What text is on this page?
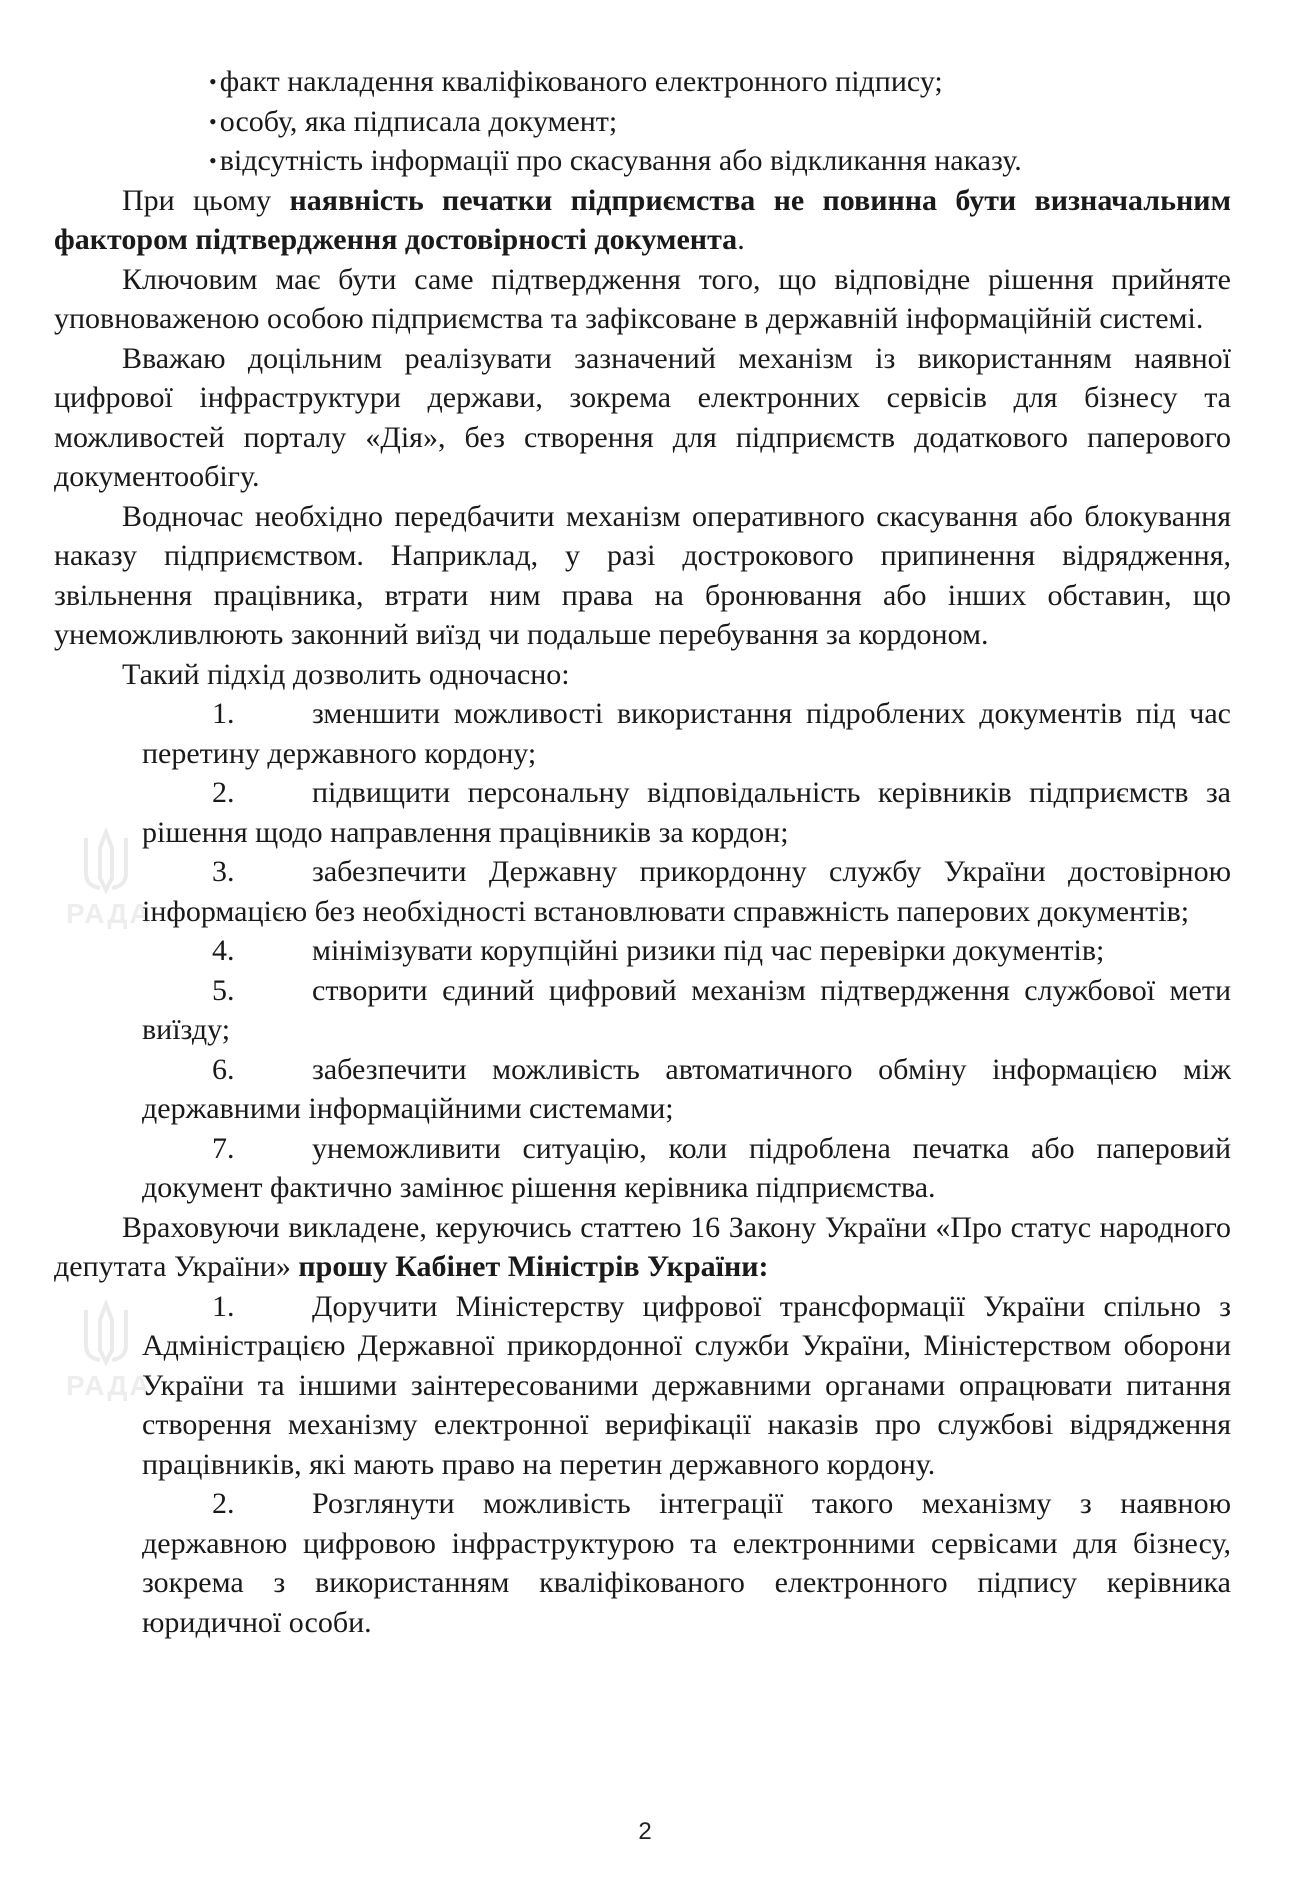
РАДА
РАДА
• факт накладення кваліфікованого електронного підпису;
• особу, яка підписала документ;
• відсутність інформації про скасування або відкликання наказу.

При цьому наявність печатки підприємства не повинна бути визначальним фактором підтвердження достовірності документа.

Ключовим має бути саме підтвердження того, що відповідне рішення прийняте уповноваженою особою підприємства та зафіксоване в державній інформаційній системі.

Вважаю доцільним реалізувати зазначений механізм із використанням наявної цифрової інфраструктури держави, зокрема електронних сервісів для бізнесу та можливостей порталу «Дія», без створення для підприємств додаткового паперового документообігу.

Водночас необхідно передбачити механізм оперативного скасування або блокування наказу підприємством. Наприклад, у разі дострокового припинення відрядження, звільнення працівника, втрати ним права на бронювання або інших обставин, що унеможливлюють законний виїзд чи подальше перебування за кордоном.

Такий підхід дозволить одночасно:

1.	зменшити можливості використання підроблених документів під час перетину державного кордону;

2.	підвищити персональну відповідальність керівників підприємств за рішення щодо направлення працівників за кордон;

3.	забезпечити Державну прикордонну службу України достовірною інформацією без необхідності встановлювати справжність паперових документів;

4.	мінімізувати корупційні ризики під час перевірки документів;

5.	створити єдиний цифровий механізм підтвердження службової мети виїзду;

6.	забезпечити можливість автоматичного обміну інформацією між державними інформаційними системами;

7.	унеможливити ситуацію, коли підроблена печатка або паперовий документ фактично замінює рішення керівника підприємства.

Враховуючи викладене, керуючись статтею 16 Закону України «Про статус народного депутата України» прошу Кабінет Міністрів України:

1.	Доручити Міністерству цифрової трансформації України спільно з Адміністрацією Державної прикордонної служби України, Міністерством оборони України та іншими заінтересованими державними органами опрацювати питання створення механізму електронної верифікації наказів про службові відрядження працівників, які мають право на перетин державного кордону.

2.	Розглянути можливість інтеграції такого механізму з наявною державною цифровою інфраструктурою та електронними сервісами для бізнесу, зокрема з використанням кваліфікованого електронного підпису керівника юридичної особи.

2
